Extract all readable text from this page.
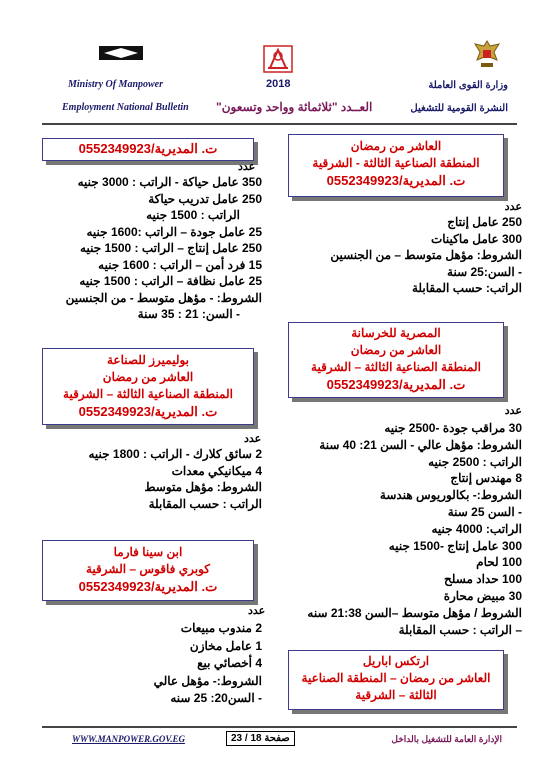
Ministry Of Manpower	2018	وزارة القوى العاملة
Employment National Bulletin العــدد "ثلاثمائة وواحد وتسعون"	النشرة القومية للتشغيل
العاشر من رمضان
المنطقة الصناعية الثالثة - الشرقية
ت. المديرية/0552349923
عدد
250 عامل إنتاج
300 عامل ماكينات
الشروط: مؤهل متوسط – من الجنسين
- السن:25 سنة
الراتب: حسب المقابلة
المصرية للخرسانة
العاشر من رمضان
المنطقة الصناعية الثالثة – الشرقية
ت. المديرية/0552349923
عدد
30 مراقب جودة -2500 جنيه
الشروط: مؤهل عالي - السن 21: 40 سنة
الراتب : 2500 جنيه
8 مهندس إنتاج
الشروط:- بكالوريوس هندسة
- السن 25 سنة
الراتب: 4000 جنيه
300 عامل إنتاج -1500 جنيه
100 لحام
100 حداد مسلح
30 مبيض محارة
الشروط / مؤهل متوسط –السن 21:38 سنه
– الراتب : حسب المقابلة
ارتكس اباريل
العاشر من رمضان – المنطقة الصناعية
الثالثة – الشرقية
ت. المديرية/0552349923
عدد
350 عامل حياكة - الراتب : 3000 جنيه
250 عامل تدريب حياكة
الراتب : 1500 جنيه
25 عامل جودة – الراتب :1600 جنيه
250 عامل إنتاج – الراتب : 1500 جنيه
15 فرد أمن – الراتب : 1600 جنيه
25 عامل نظافة – الراتب : 1500 جنيه
الشروط: - مؤهل متوسط - من الجنسين
- السن: 21 : 35 سنة
بوليميرز للصناعة
العاشر من رمضان
المنطقة الصناعية الثالثة – الشرقية
ت. المديرية/0552349923
عدد
2 سائق كلارك - الراتب : 1800 جنيه
4 ميكانيكي معدات
الشروط: مؤهل متوسط
الراتب : حسب المقابلة
ابن سينا فارما
كوبري فاقوس – الشرقية
ت. المديرية/0552349923
عدد
2 مندوب مبيعات
1 عامل مخازن
4 أخصائي بيع
الشروط:- مؤهل عالي
- السن20: 25 سنه
WWW.MANPOWER.GOV.EG	صفحة 18 / 23	الإدارة العامة للتشغيل بالداخل
